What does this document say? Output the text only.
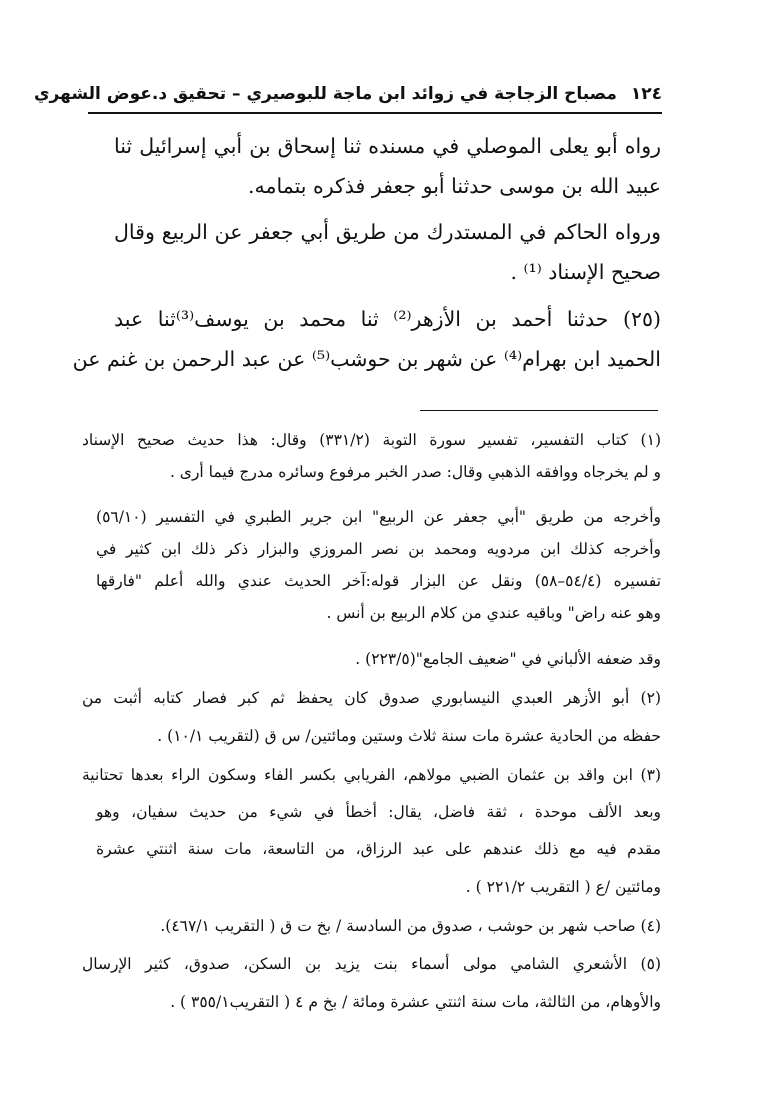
١٢٤ مصباح الزجاجة في زوائد ابن ماجة للبوصيري – تحقيق د.عوض الشهري
رواه أبو يعلى الموصلي في مسنده ثنا إسحاق بن أبي إسرائيل ثنا
عبيد الله بن موسى حدثنا أبو جعفر فذكره بتمامه.
ورواه الحاكم في المستدرك من طريق أبي جعفر عن الربيع وقال
صحيح الإسناد ⁽¹⁾ .
(٢٥) حدثنا أحمد بن الأزهر⁽²⁾ ثنا محمد بن يوسف⁽³⁾ثنا عبد
الحميد ابن بهرام⁽⁴⁾ عن شهر بن حوشب⁽⁵⁾ عن عبد الرحمن بن غنم عن
(١) كتاب التفسير، تفسير سورة التوبة (٣٣١/٢) وقال: هذا حديث صحيح الإسناد
و لم يخرجاه ووافقه الذهبي وقال: صدر الخبر مرفوع وسائره مدرج فيما أرى .
وأخرجه من طريق "أبي جعفر عن الربيع" ابن جرير الطبري في التفسير (٥٦/١٠)
وأخرجه كذلك ابن مردويه ومحمد بن نصر المروزي والبزار ذكر ذلك ابن كثير في
تفسيره (٥٤/٤–٥٨) ونقل عن البزار قوله:آخر الحديث عندي والله أعلم "فارقها
وهو عنه راض" وباقيه عندي من كلام الربيع بن أنس .
وقد ضعفه الألباني في "ضعيف الجامع"(٢٢٣/٥) .
(٢) أبو الأزهر العبدي النيسابوري صدوق كان يحفظ ثم كبر فصار كتابه أثبت من
حفظه من الحادية عشرة مات سنة ثلاث وستين ومائتين/ س ق (لتقريب ١٠/١) .
(٣) ابن واقد بن عثمان الضبي مولاهم، الفريابي بكسر الفاء وسكون الراء بعدها تحتانية
وبعد الألف موحدة ، ثقة فاضل، يقال: أخطأ في شيء من حديث سفيان، وهو
مقدم فيه مع ذلك عندهم على عبد الرزاق، من التاسعة، مات سنة اثنتي عشرة
ومائتين /ع ( التقريب ٢٢١/٢ ) .
(٤) صاحب شهر بن حوشب ، صدوق من السادسة / بخ ت ق ( التقريب ٤٦٧/١).
(٥) الأشعري الشامي مولى أسماء بنت يزيد بن السكن، صدوق، كثير الإرسال
والأوهام، من الثالثة، مات سنة اثنتي عشرة ومائة / بخ م ٤ ( التقريب٣٥٥/١ ) .
